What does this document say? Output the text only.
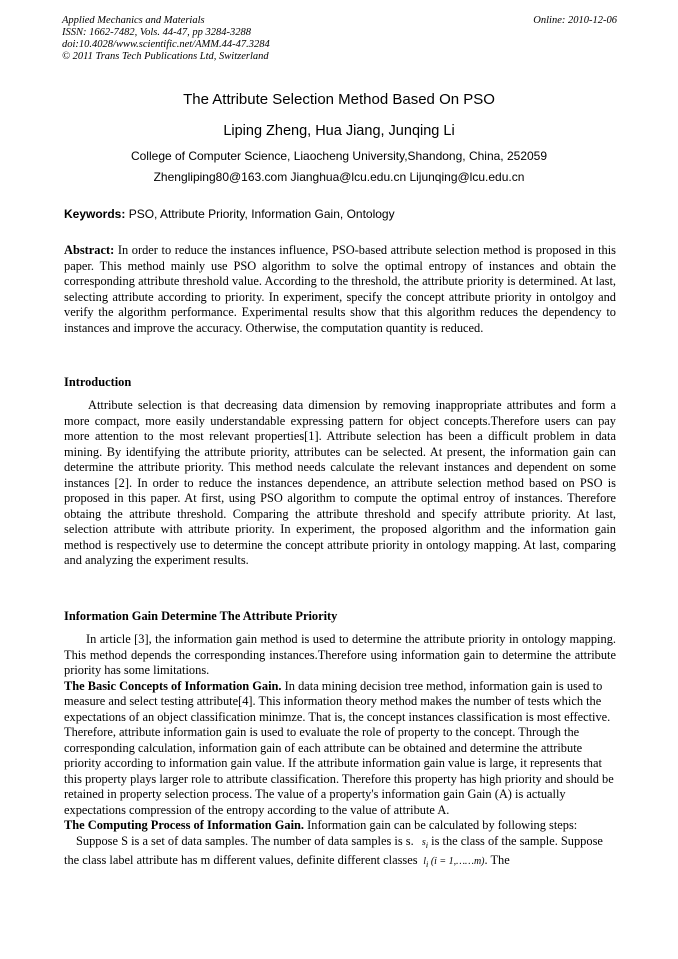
Applied Mechanics and Materials
ISSN: 1662-7482, Vols. 44-47, pp 3284-3288
doi:10.4028/www.scientific.net/AMM.44-47.3284
© 2011 Trans Tech Publications Ltd, Switzerland
Online: 2010-12-06
The Attribute Selection Method Based On PSO
Liping Zheng, Hua Jiang, Junqing Li
College of Computer Science, Liaocheng University,Shandong, China, 252059
Zhengliping80@163.com Jianghua@lcu.edu.cn Lijunqing@lcu.edu.cn
Keywords: PSO, Attribute Priority, Information Gain, Ontology
Abstract: In order to reduce the instances influence, PSO-based attribute selection method is proposed in this paper. This method mainly use PSO algorithm to solve the optimal entropy of instances and obtain the corresponding attribute threshold value. According to the threshold, the attribute priority is determined. At last, selecting attribute according to priority. In experiment, specify the concept attribute priority in ontolgoy and verify the algorithm performance. Experimental results show that this algorithm reduces the dependency to instances and improve the accuracy. Otherwise, the computation quantity is reduced.
Introduction
Attribute selection is that decreasing data dimension by removing inappropriate attributes and form a more compact, more easily understandable expressing pattern for object concepts.Therefore users can pay more attention to the most relevant properties[1]. Attribute selection has been a difficult problem in data mining. By identifying the attribute priority, attributes can be selected. At present, the information gain can determine the attribute priority. This method needs calculate the relevant instances and dependent on some instances [2]. In order to reduce the instances dependence, an attribute selection method based on PSO is proposed in this paper. At first, using PSO algorithm to compute the optimal entroy of instances. Therefore obtaing the attribute threshold. Comparing the attribute threshold and specify attribute priority. At last, selection attribute with attribute priority. In experiment, the proposed algorithm and the information gain method is respectively use to determine the concept attribute priority in ontology mapping. At last, comparing and analyzing the experiment results.
Information Gain Determine The Attribute Priority

In article [3], the information gain method is used to determine the attribute priority in ontology mapping. This method depends the corresponding instances.Therefore using information gain to determine the attribute priority has some limitations.

The Basic Concepts of Information Gain. In data mining decision tree method, information gain is used to measure and select testing attribute[4]. This information theory method makes the number of tests which the expectations of an object classification minimze. That is, the concept instances classification is most effective. Therefore, attribute information gain is used to evaluate the role of property to the concept. Through the corresponding calculation, information gain of each attribute can be obtained and determine the attribute priority according to information gain value. If the attribute information gain value is large, it represents that this property plays larger role to attribute classification. Therefore this property has high priority and should be retained in property selection process. The value of a property's information gain Gain (A) is actually expectations compression of the entropy according to the value of attribute A.

The Computing Process of Information Gain. Information gain can be calculated by following steps:

Suppose S is a set of data samples. The number of data samples is s. $s_i$ is the class of the sample. Suppose the class label attribute has m different values, definite different classes $l_i$ (i = 1,……m). The
